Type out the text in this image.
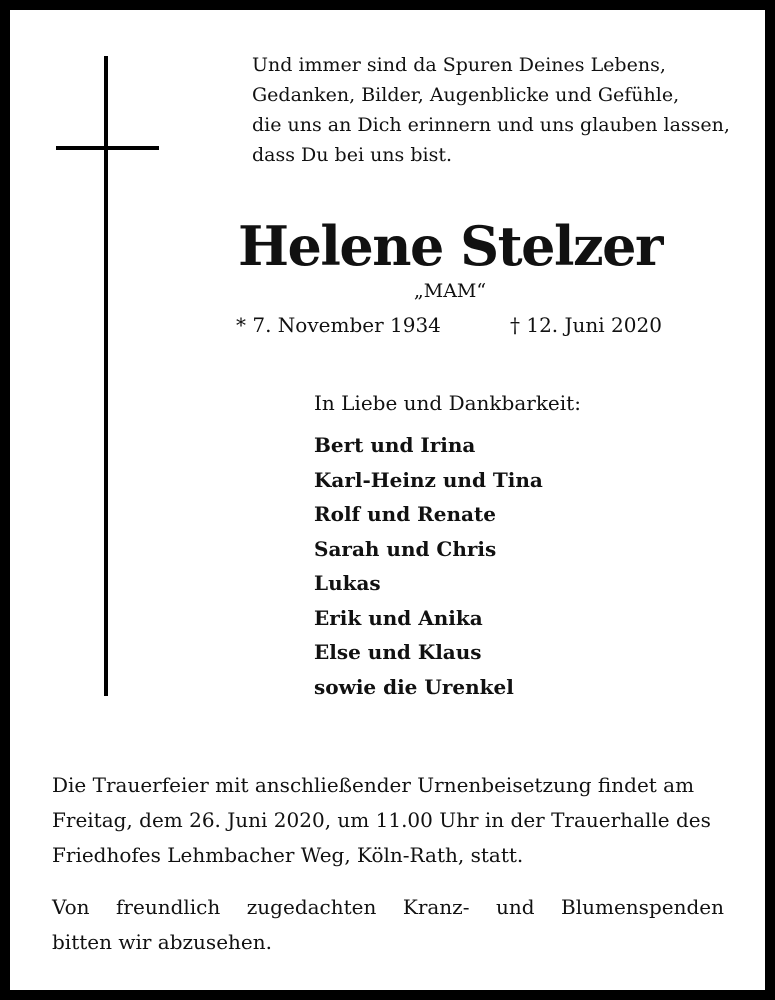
Und immer sind da Spuren Deines Lebens,
Gedanken, Bilder, Augenblicke und Gefühle,
die uns an Dich erinnern und uns glauben lassen,
dass Du bei uns bist.
Helene Stelzer
„MAM“
* 7. November 1934	† 12. Juni 2020
In Liebe und Dankbarkeit:
Bert und Irina
Karl-Heinz und Tina
Rolf und Renate
Sarah und Chris
Lukas
Erik und Anika
Else und Klaus
sowie die Urenkel
Die Trauerfeier mit anschließender Urnenbeisetzung findet am
Freitag, dem 26. Juni 2020, um 11.00 Uhr in der Trauerhalle des
Friedhofes Lehmbacher Weg, Köln-Rath, statt.
Von freundlich zugedachten Kranz- und Blumenspenden
bitten wir abzusehen.
